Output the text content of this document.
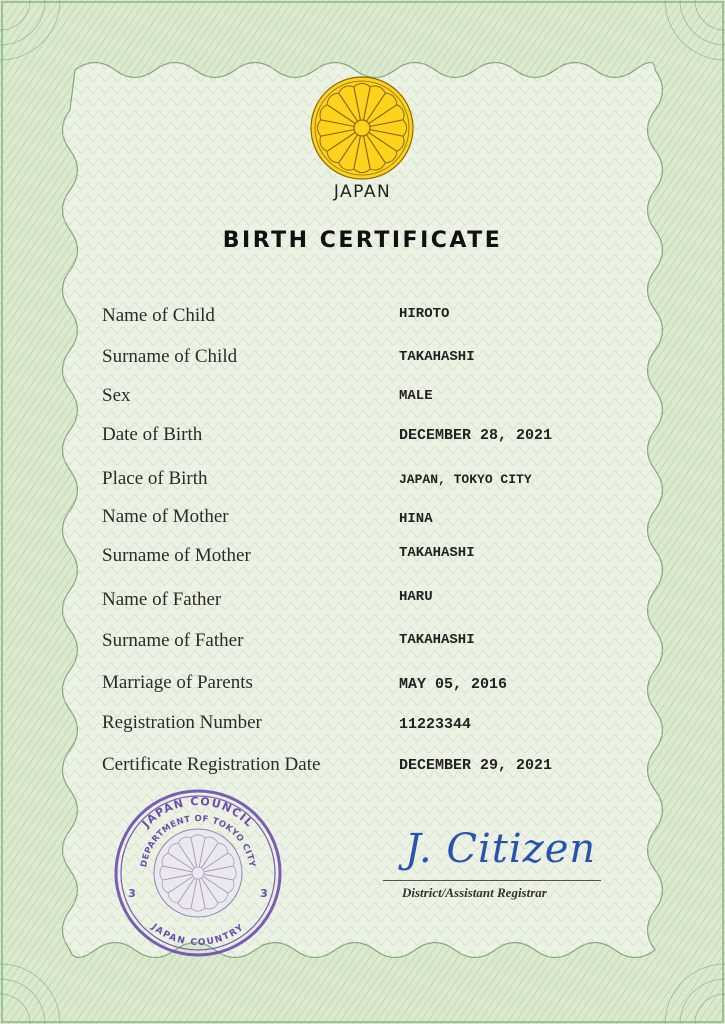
JAPAN
BIRTH CERTIFICATE
Name of Child	HIROTO
Surname of Child	TAKAHASHI
Sex	MALE
Date of Birth	DECEMBER 28, 2021
Place of Birth	JAPAN, TOKYO CITY
Name of Mother	HINA
Surname of Mother	TAKAHASHI
Name of Father	HARU
Surname of Father	TAKAHASHI
Marriage of Parents	MAY 05, 2016
Registration Number	11223344
Certificate Registration Date	DECEMBER 29, 2021
JAPAN COUNCIL
DEPARTMENT OF TOKYO CITY
JAPAN COUNTRY
3	3
J. Citizen
District/Assistant Registrar
